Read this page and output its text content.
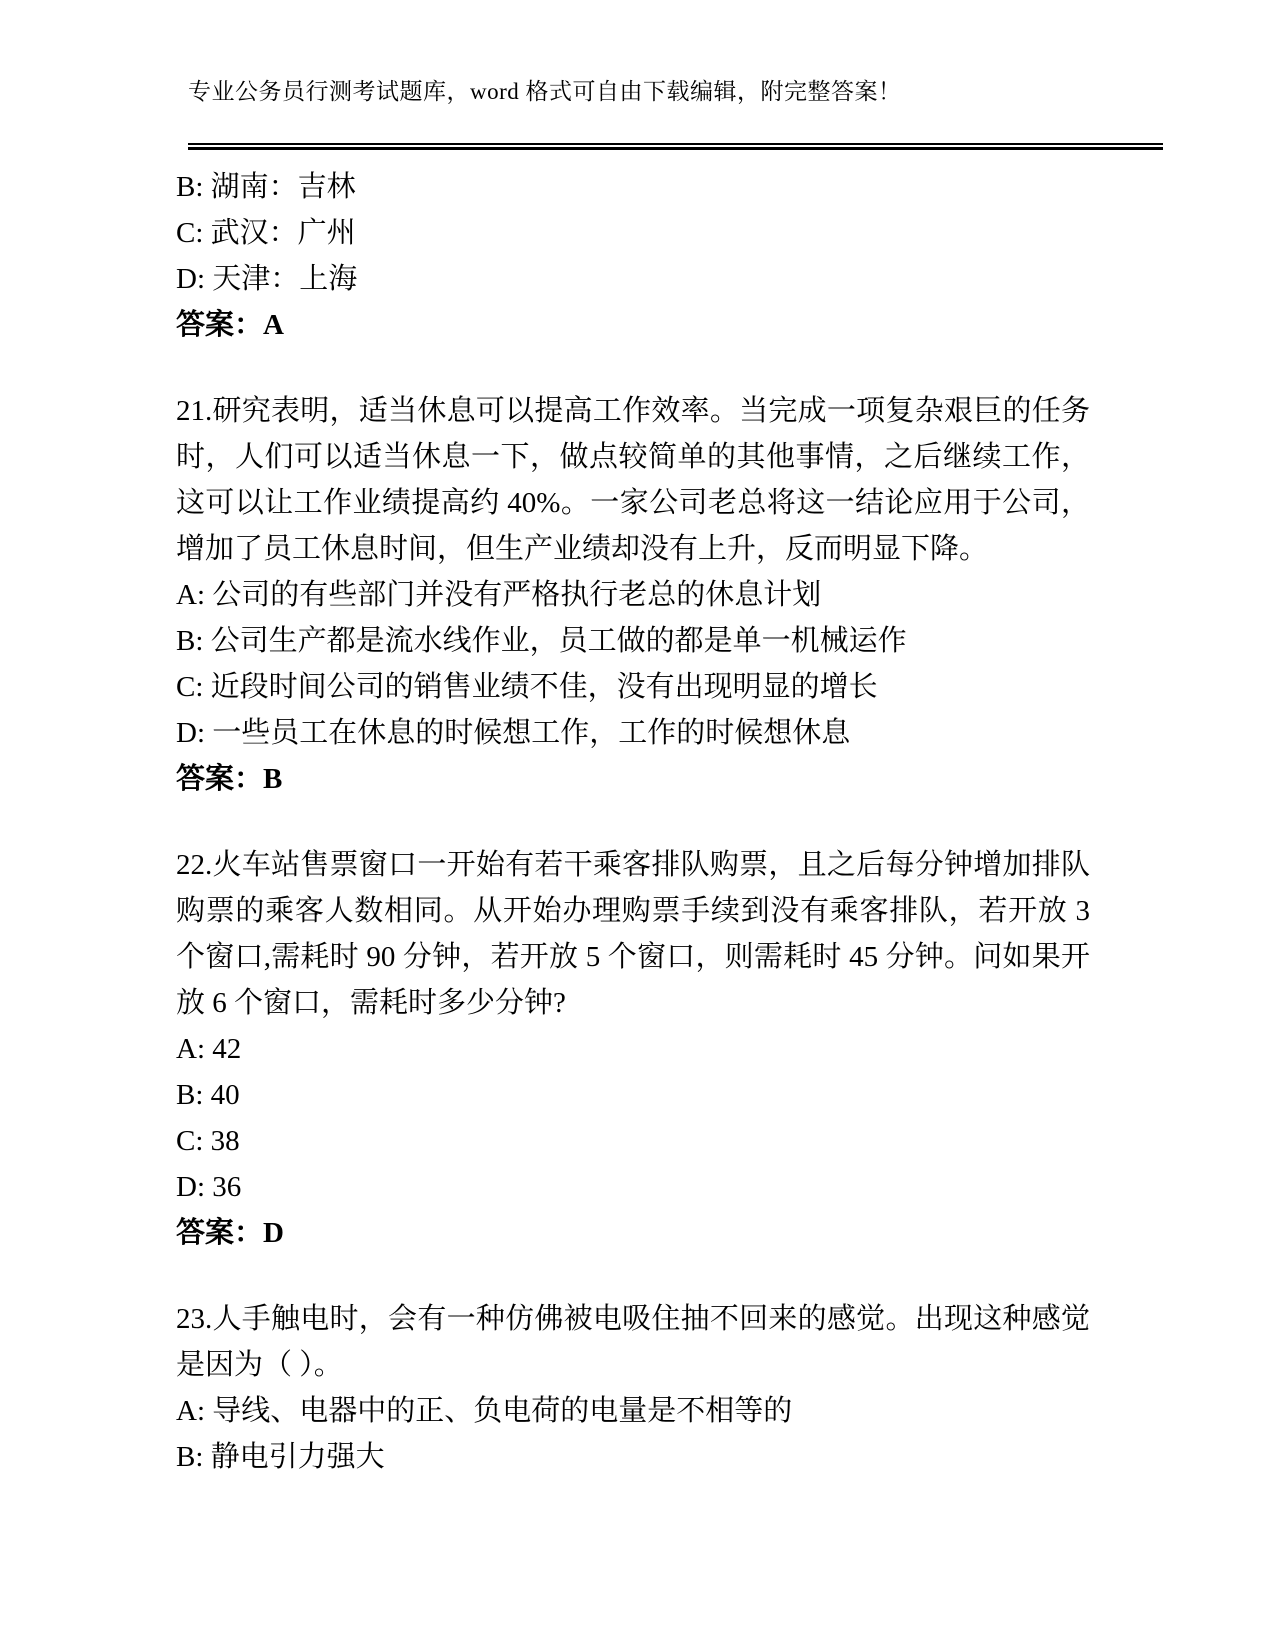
专业公务员行测考试题库，word 格式可自由下载编辑，附完整答案！

B: 湖南：吉林

C: 武汉：广州

D: 天津：上海

答案：A

21.研究表明，适当休息可以提高工作效率。当完成一项复杂艰巨的任务时，人们可以适当休息一下，做点较简单的其他事情，之后继续工作，这可以让工作业绩提高约 40%。一家公司老总将这一结论应用于公司，增加了员工休息时间，但生产业绩却没有上升，反而明显下降。

A: 公司的有些部门并没有严格执行老总的休息计划

B: 公司生产都是流水线作业，员工做的都是单一机械运作

C: 近段时间公司的销售业绩不佳，没有出现明显的增长

D: 一些员工在休息的时候想工作，工作的时候想休息

答案：B

22.火车站售票窗口一开始有若干乘客排队购票，且之后每分钟增加排队购票的乘客人数相同。从开始办理购票手续到没有乘客排队，若开放 3 个窗口,需耗时 90 分钟，若开放 5 个窗口，则需耗时 45 分钟。问如果开放 6 个窗口，需耗时多少分钟?

A: 42

B: 40

C: 38

D: 36

答案：D

23.人手触电时，会有一种仿佛被电吸住抽不回来的感觉。出现这种感觉是因为（ ）。

A: 导线、电器中的正、负电荷的电量是不相等的

B: 静电引力强大
